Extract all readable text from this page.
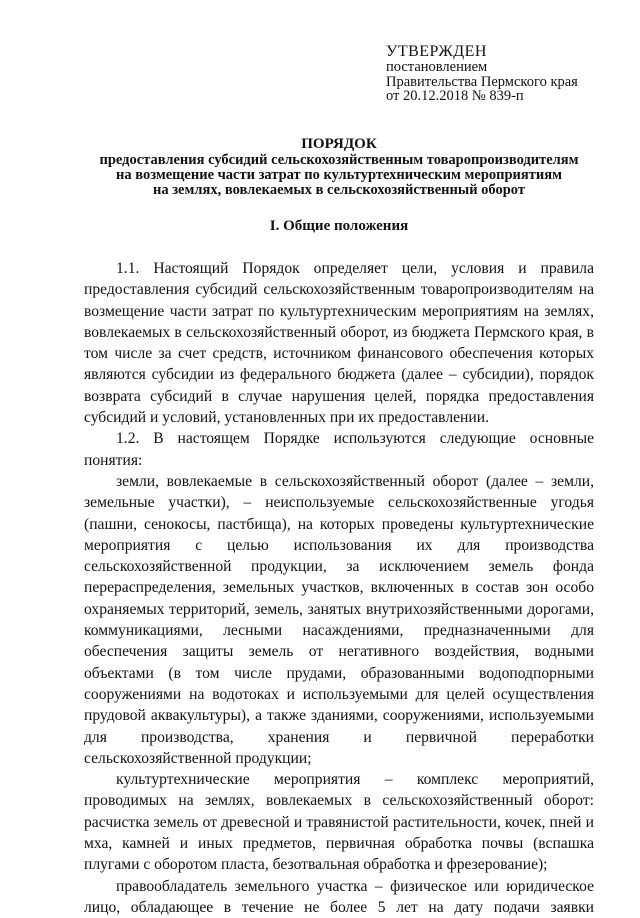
УТВЕРЖДЕН
постановлением
Правительства Пермского края
от 20.12.2018 № 839-п
ПОРЯДОК
предоставления субсидий сельскохозяйственным товаропроизводителям
на возмещение части затрат по культуртехническим мероприятиям
на землях, вовлекаемых в сельскохозяйственный оборот
I. Общие положения

1.1. Настоящий Порядок определяет цели, условия и правила предоставления субсидий сельскохозяйственным товаропроизводителям на возмещение части затрат по культуртехническим мероприятиям на землях, вовлекаемых в сельскохозяйственный оборот, из бюджета Пермского края, в том числе за счет средств, источником финансового обеспечения которых являются субсидии из федерального бюджета (далее – субсидии), порядок возврата субсидий в случае нарушения целей, порядка предоставления субсидий и условий, установленных при их предоставлении.

1.2. В настоящем Порядке используются следующие основные понятия:

земли, вовлекаемые в сельскохозяйственный оборот (далее – земли, земельные участки), – неиспользуемые сельскохозяйственные угодья (пашни, сенокосы, пастбища), на которых проведены культуртехнические мероприятия с целью использования их для производства сельскохозяйственной продукции, за исключением земель фонда перераспределения, земельных участков, включенных в состав зон особо охраняемых территорий, земель, занятых внутрихозяйственными дорогами, коммуникациями, лесными насаждениями, предназначенными для обеспечения защиты земель от негативного воздействия, водными объектами (в том числе прудами, образованными водоподпорными сооружениями на водотоках и используемыми для целей осуществления прудовой аквакультуры), а также зданиями, сооружениями, используемыми для производства, хранения и первичной переработки сельскохозяйственной продукции;

культуртехнические мероприятия – комплекс мероприятий, проводимых на землях, вовлекаемых в сельскохозяйственный оборот: расчистка земель от древесной и травянистой растительности, кочек, пней и мха, камней и иных предметов, первичная обработка почвы (вспашка плугами с оборотом пласта, безотвальная обработка и фрезерование);

правообладатель земельного участка – физическое или юридическое лицо, обладающее в течение не более 5 лет на дату подачи заявки
